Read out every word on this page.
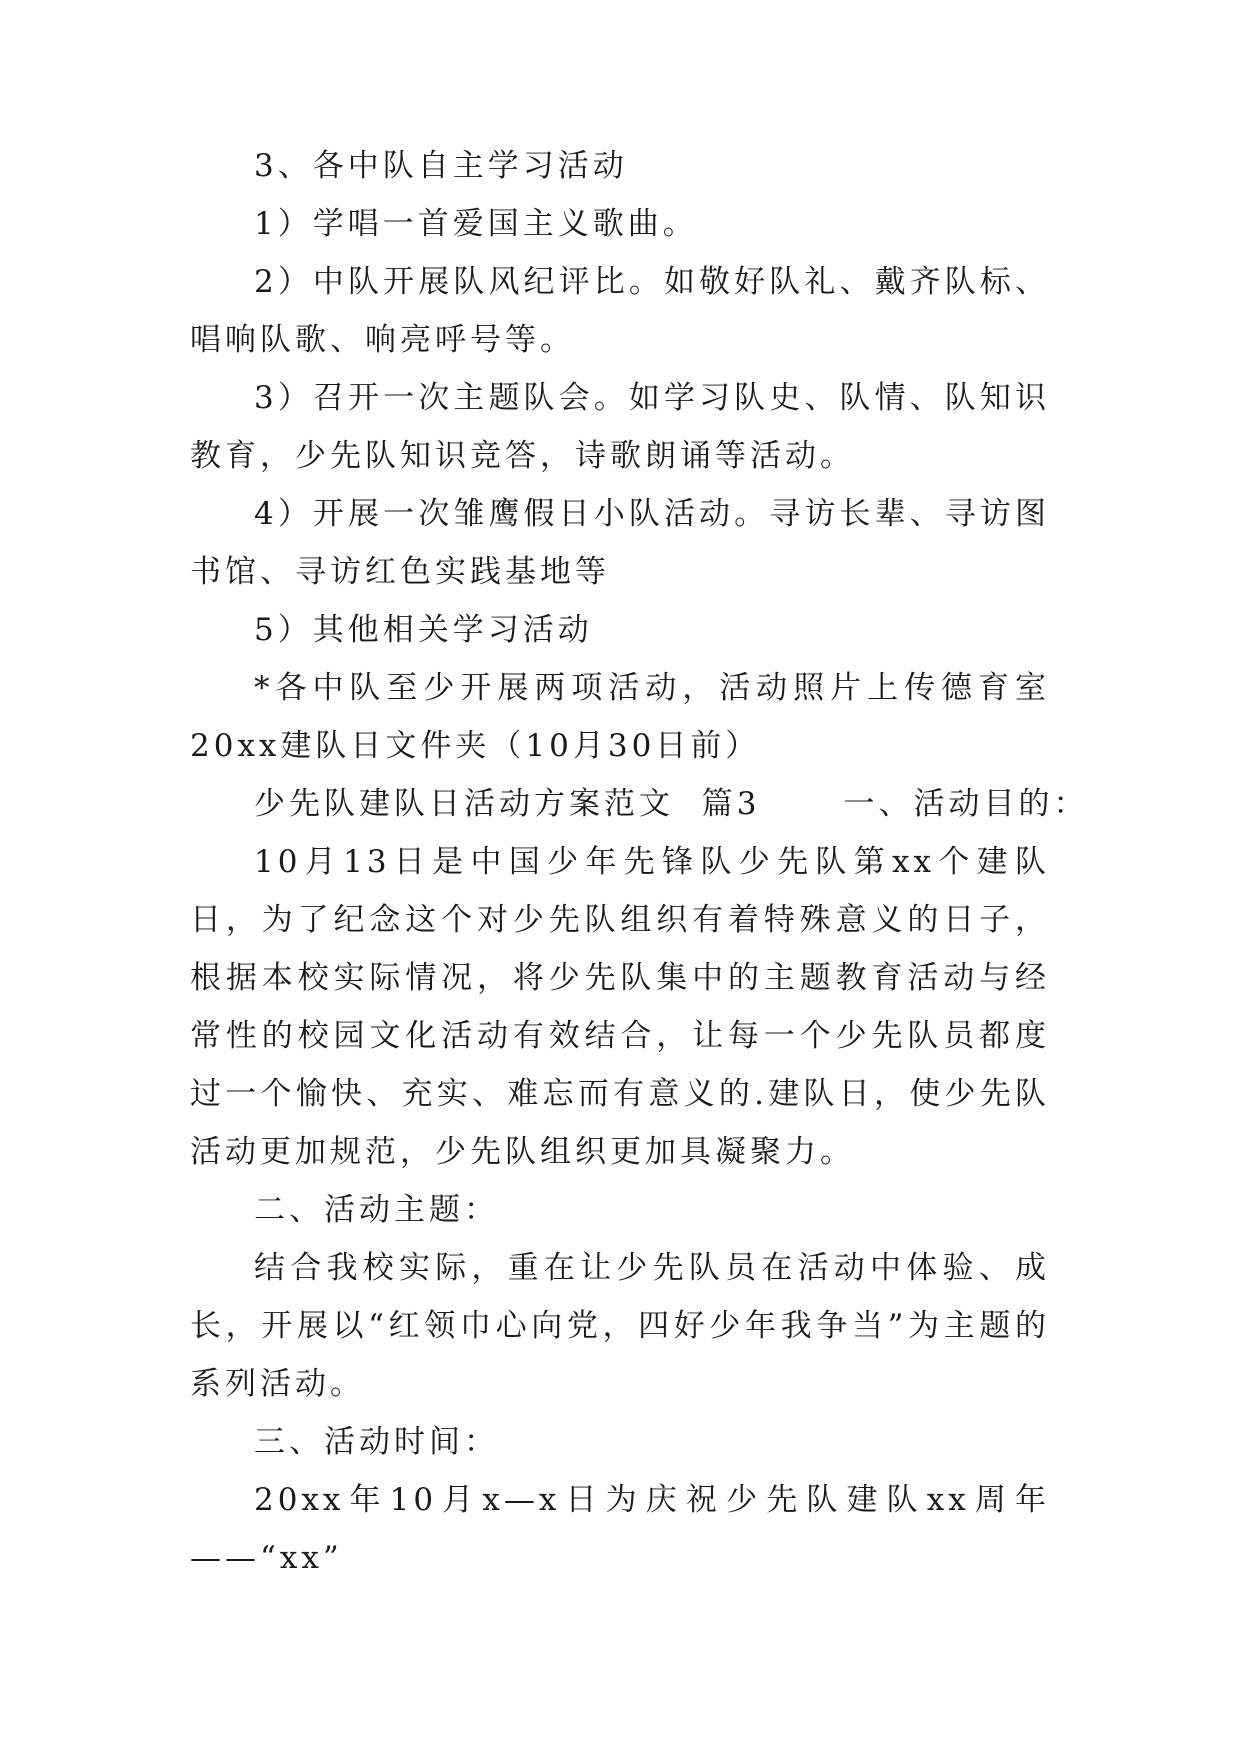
3、各中队自主学习活动

1）学唱一首爱国主义歌曲。

2）中队开展队风纪评比。如敬好队礼、戴齐队标、唱响队歌、响亮呼号等。

3）召开一次主题队会。如学习队史、队情、队知识教育，少先队知识竞答，诗歌朗诵等活动。

4）开展一次雏鹰假日小队活动。寻访长辈、寻访图书馆、寻访红色实践基地等

5）其他相关学习活动

*各中队至少开展两项活动，活动照片上传德育室20xx建队日文件夹（10月30日前）

少先队建队日活动方案范文  篇3      一、活动目的：

10月13日是中国少年先锋队少先队第xx个建队日，为了纪念这个对少先队组织有着特殊意义的日子，根据本校实际情况，将少先队集中的主题教育活动与经常性的校园文化活动有效结合，让每一个少先队员都度过一个愉快、充实、难忘而有意义的.建队日，使少先队活动更加规范，少先队组织更加具凝聚力。

二、活动主题：

结合我校实际，重在让少先队员在活动中体验、成长，开展以“红领巾心向党，四好少年我争当”为主题的系列活动。

三、活动时间：

20xx年10月x—x日为庆祝少先队建队xx周年——“xx”
